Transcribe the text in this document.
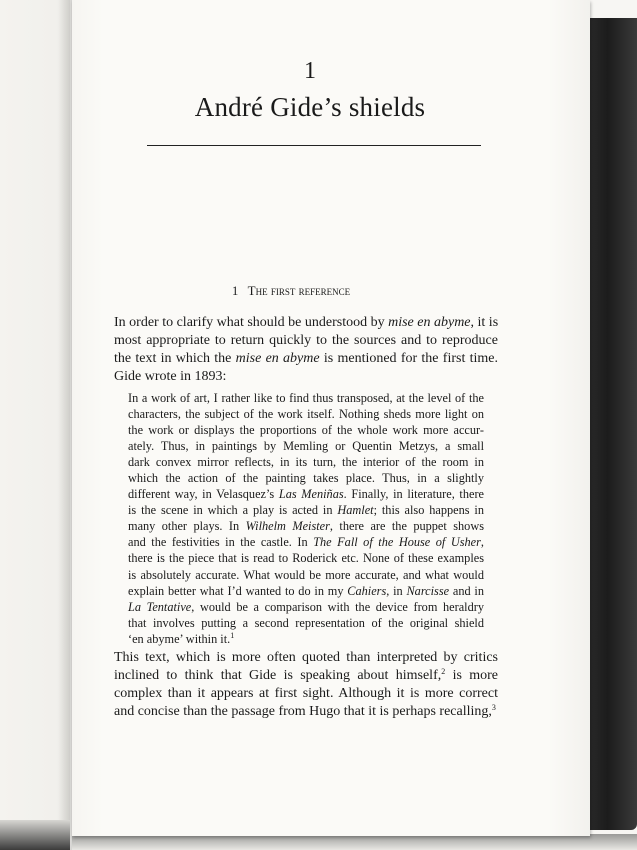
1
André Gide’s shields
1 The first reference
In order to clarify what should be understood by mise en abyme, it is
most appropriate to return quickly to the sources and to reproduce
the text in which the mise en abyme is mentioned for the first time.
Gide wrote in 1893:
In a work of art, I rather like to find thus transposed, at the level of the
characters, the subject of the work itself. Nothing sheds more light on
the work or displays the proportions of the whole work more accur-
ately. Thus, in paintings by Memling or Quentin Metzys, a small
dark convex mirror reflects, in its turn, the interior of the room in
which the action of the painting takes place. Thus, in a slightly
different way, in Velasquez’s Las Meniñas. Finally, in literature, there
is the scene in which a play is acted in Hamlet; this also happens in
many other plays. In Wilhelm Meister, there are the puppet shows
and the festivities in the castle. In The Fall of the House of Usher,
there is the piece that is read to Roderick etc. None of these examples
is absolutely accurate. What would be more accurate, and what would
explain better what I’d wanted to do in my Cahiers, in Narcisse and in
La Tentative, would be a comparison with the device from heraldry
that involves putting a second representation of the original shield
‘en abyme’ within it.$^1$
This text, which is more often quoted than interpreted by critics
inclined to think that Gide is speaking about himself,$^2$ is more
complex than it appears at first sight. Although it is more correct
and concise than the passage from Hugo that it is perhaps recalling,$^3$
